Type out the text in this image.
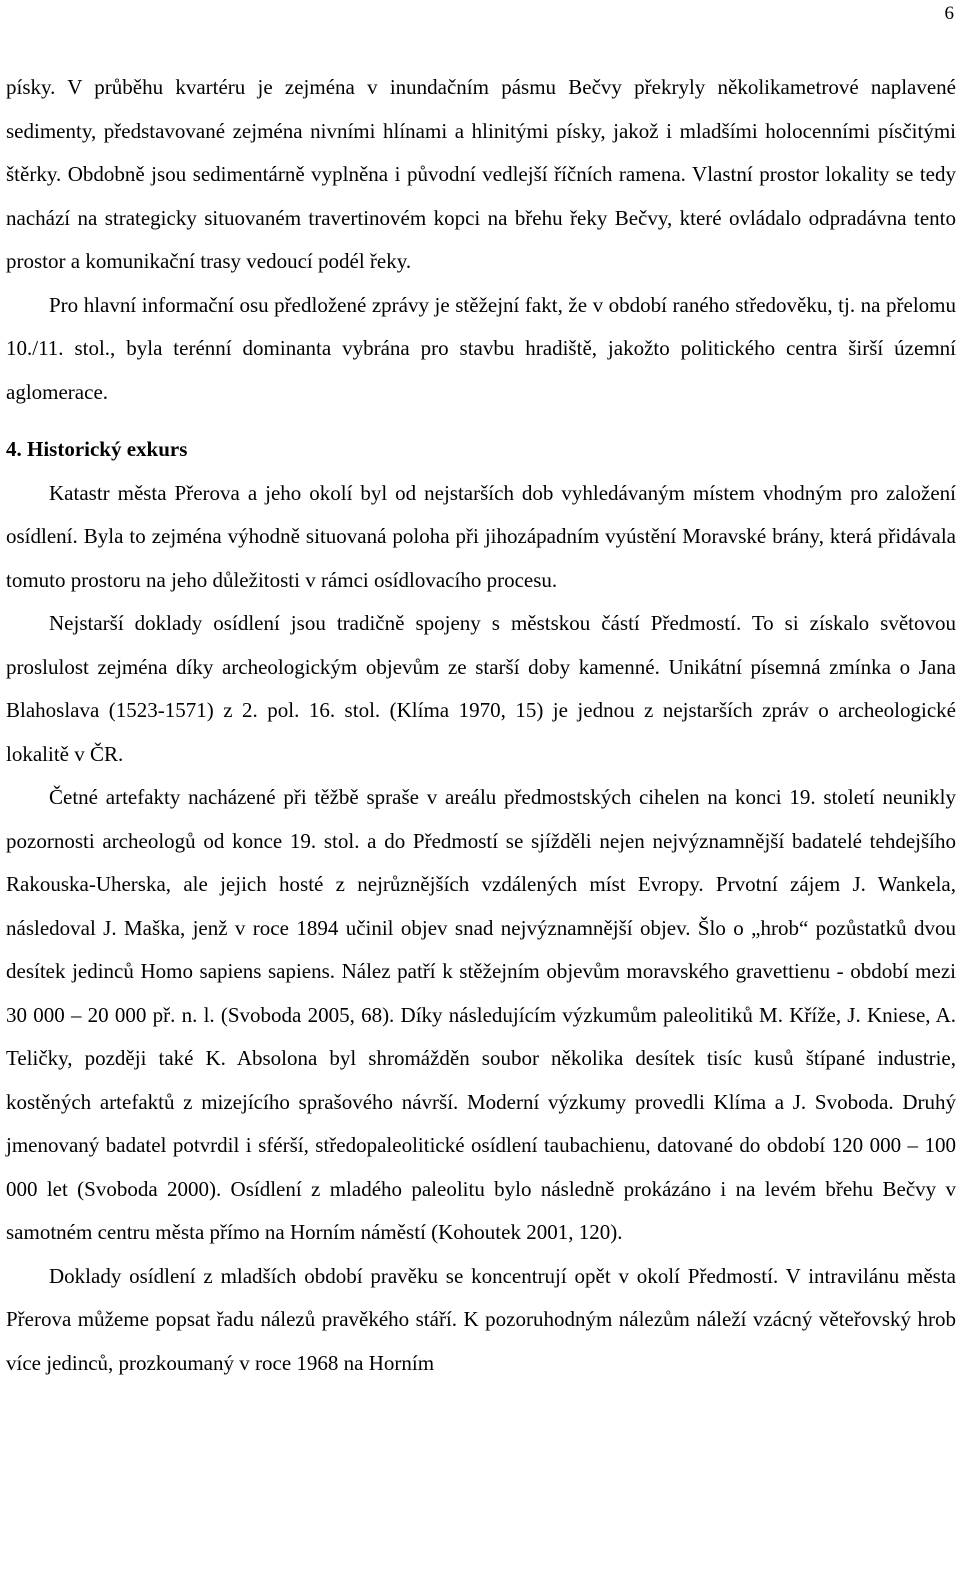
6

písky. V průběhu kvartéru je zejména v inundačním pásmu Bečvy překryly několikametrové naplavené sedimenty, představované zejména nivními hlínami a hlinitými písky, jakož i mladšími holocenními písčitými štěrky. Obdobně jsou sedimentárně vyplněna i původní vedlejší říčních ramena. Vlastní prostor lokality se tedy nachází na strategicky situovaném travertinovém kopci na břehu řeky Bečvy, které ovládalo odpradávna tento prostor a komunikační trasy vedoucí podél řeky.

Pro hlavní informační osu předložené zprávy je stěžejní fakt, že v období raného středověku, tj. na přelomu 10./11. stol., byla terénní dominanta vybrána pro stavbu hradiště, jakožto politického centra širší územní aglomerace.

4. Historický exkurs

Katastr města Přerova a jeho okolí byl od nejstarších dob vyhledávaným místem vhodným pro založení osídlení. Byla to zejména výhodně situovaná poloha při jihozápadním vyústění Moravské brány, která přidávala tomuto prostoru na jeho důležitosti v rámci osídlovacího procesu.

Nejstarší doklady osídlení jsou tradičně spojeny s městskou částí Předmostí. To si získalo světovou proslulost zejména díky archeologickým objevům ze starší doby kamenné. Unikátní písemná zmínka o Jana Blahoslava (1523-1571) z 2. pol. 16. stol. (Klíma 1970, 15) je jednou z nejstarších zpráv o archeologické lokalitě v ČR.

Četné artefakty nacházené při těžbě spraše v areálu předmostských cihelen na konci 19. století neunikly pozornosti archeologů od konce 19. stol. a do Předmostí se sjížděli nejen nejvýznamnější badatelé tehdejšího Rakouska-Uherska, ale jejich hosté z nejrůznějších vzdálených míst Evropy. Prvotní zájem J. Wankela, následoval J. Maška, jenž v roce 1894 učinil objev snad nejvýznamnější objev. Šlo o „hrob“ pozůstatků dvou desítek jedinců Homo sapiens sapiens. Nález patří k stěžejním objevům moravského gravettienu - období mezi 30 000 – 20 000 př. n. l. (Svoboda 2005, 68). Díky následujícím výzkumům paleolitiků M. Kříže, J. Kniese, A. Teličky, později také K. Absolona byl shromážděn soubor několika desítek tisíc kusů štípané industrie, kostěných artefaktů z mizejícího sprašového návrší. Moderní výzkumy provedli Klíma a J. Svoboda. Druhý jmenovaný badatel potvrdil i sférší, středopaleolitické osídlení taubachienu, datované do období 120 000 – 100 000 let (Svoboda 2000). Osídlení z mladého paleolitu bylo následně prokázáno i na levém břehu Bečvy v samotném centru města přímo na Horním náměstí (Kohoutek 2001, 120).

Doklady osídlení z mladších období pravěku se koncentrují opět v okolí Předmostí. V intravilánu města Přerova můžeme popsat řadu nálezů pravěkého stáří. K pozoruhodným nálezům náleží vzácný věteřovský hrob více jedinců, prozkoumaný v roce 1968 na Horním
